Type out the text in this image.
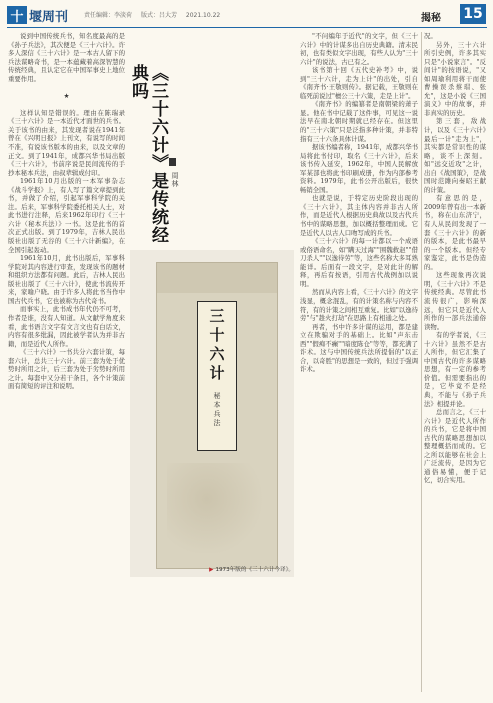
十 堰周刊	责任编辑：李淡荷 版式：吕大芳 2021.10.22	揭秘 15

说到中国传统兵书，知名度最高的是《孙子兵法》，其次便是《三十六计》。许多人深信《三十六计》是一本古人留下的兵法谋略奇书，是一本蕴藏着高深智慧的传统经典，且认定它在中国军事史上地位重要作用。

★

这样认知是错误的。理由在陈瑞录《三十六计》是一本近代才面世的兵书。关于该书的由来，其发现者说在1941年曾在《兴明日报》上刊文，有说写的时间不准，有说该书版本的由来，以及文章的正文。到了1941年，成都兴华书局出版《三十六计》，书前序说是民间流传的手抄本秘本兵法，由叔辈辑成付印。

1961年10月出版的一本军事杂志《战斗学报》上，有人写了篇文章提到此书，并做了介绍，引起军事科学院的关注。后来，军事科学院委托相关人士，对此书进行注释，后来1962年印行《三十六计（秘本兵法）》一书。这是此书的首次正式出版。到了1979年，吉林人民出版社出版了无谷的《三十六计新编》，在全国引起轰动。

1961年10月，此书出版后，军事科学院对其内容进行审查，发现该书的题材和组织方法都有问题。此后，吉林人民出版社出版了《三十六计》，使此书流传开来，家喻户晓。由于许多人将此书当作中国古代兵书，它也被称为古代奇书。

而事实上，此书成书年代仍不可考，作者是谁，没有人知道。从文献学角度来看，此书语言文字有文言文也有白话文，内容有很多纰漏，因此被学者认为并非古籍，而是近代人所作。

《三十六计》一书共分六套计策，每套六计，总共三十六计。前三套为处于优势时所用之计，后三套为处于劣势时所用之计。每套中又分若干条目，各个计策前面有简短的评注和说明。

《三十六计》是传统经典吗
周林
三十六计
秘本兵法
▶ 1973年版的《三十六计今译》。

"不问编年于近代"的文字，但《三十六计》中的计谋多出自历史典籍。清末民初，也有类似文字出现，有些人认为"三十六计"的说法，古已有之。

该书第十回《五代史补考》中，说到"三十六计，走为上计"的出处，引自《南齐书·王敬则传》。据记载，王敬则在临死前说过"檀公三十六策，走是上计"。

《南齐书》的编纂者是南朝梁的萧子显。他在书中记载了这件事，可见这一说法早在南北朝时期就已经存在。但这里的"三十六策"只是泛指多种计策，并非特指有三十六条具体计谋。

据该书编者称，1941年，成都兴华书局将此书付印，取名《三十六计》，后来该书传入延安，1962年，中国人民解放军某部也将此书印刷成册，作为内部参考资料。1979年，此书公开出版后，很快畅销全国。

也就是说，于特定历史阶段出现的《三十六计》，其主体内容并非古人所作，而是近代人根据历史典故以及古代兵书中的谋略思想，加以概括整理而成。它是近代人以古人口吻写成的兵书。

《三十六计》的每一计都以一个成语或俗语命名，如"瞒天过海""围魏救赵""借刀杀人""以逸待劳"等，这些名称大多耳熟能详。后面有一段文字，是对此计的解释，再后有按语，引用古代战例加以说明。

然而从内容上看，《三十六计》的文字浅显，概念混乱，有的计策名称与内容不符，有的计策之间相互重复。比如"以逸待劳"与"趁火打劫"在思路上有相通之处。

再者，书中许多计谋的运用，都是建立在欺骗对手的基础上。比如"声东击西""假痴不癫""暗度陈仓"等等，都充满了诈术。这与中国传统兵法所提倡的"以正合，以奇胜"的思想是一致的，但过于强调诈术。

况。

另外，三十六计所引史例，许多其实只是"小说家言"。"反间计"的按语说，"又如周瑜利用蒋干而使曹操误杀蔡瑁、张允"，这是小说《三国演义》中的故事，并非真实的历史。

第三套，敌战计，以及《三十六计》最后一计"走为上"，其实都是常识性的谋略，谈不上深刻。如"远交近攻"之计，出自《战国策》，是战国时范雎向秦昭王献的计策。

有意思的是，2009年曾有出一本新书，称在山东济宁，有人从民间发现了一套《三十六计》的新的版本，是此书最早的一个版本。但经专家鉴定，此书是伪造的。

这些现象再次说明，《三十六计》不是传统经典。尽管此书流传很广，影响深远，但它只是近代人所作的一部兵法通俗读物。

有的学者说，《三十六计》虽然不是古人所作，但它汇集了中国古代的许多谋略思想，有一定的参考价值。但需要指出的是，它毕竟不是经典，不能与《孙子兵法》相提并论。

总而言之，《三十六计》是近代人所作的兵书，它是将中国古代的谋略思想加以整理概括而成的。它之所以能够在社会上广泛流传，是因为它通俗易懂，便于记忆，切合实用。
